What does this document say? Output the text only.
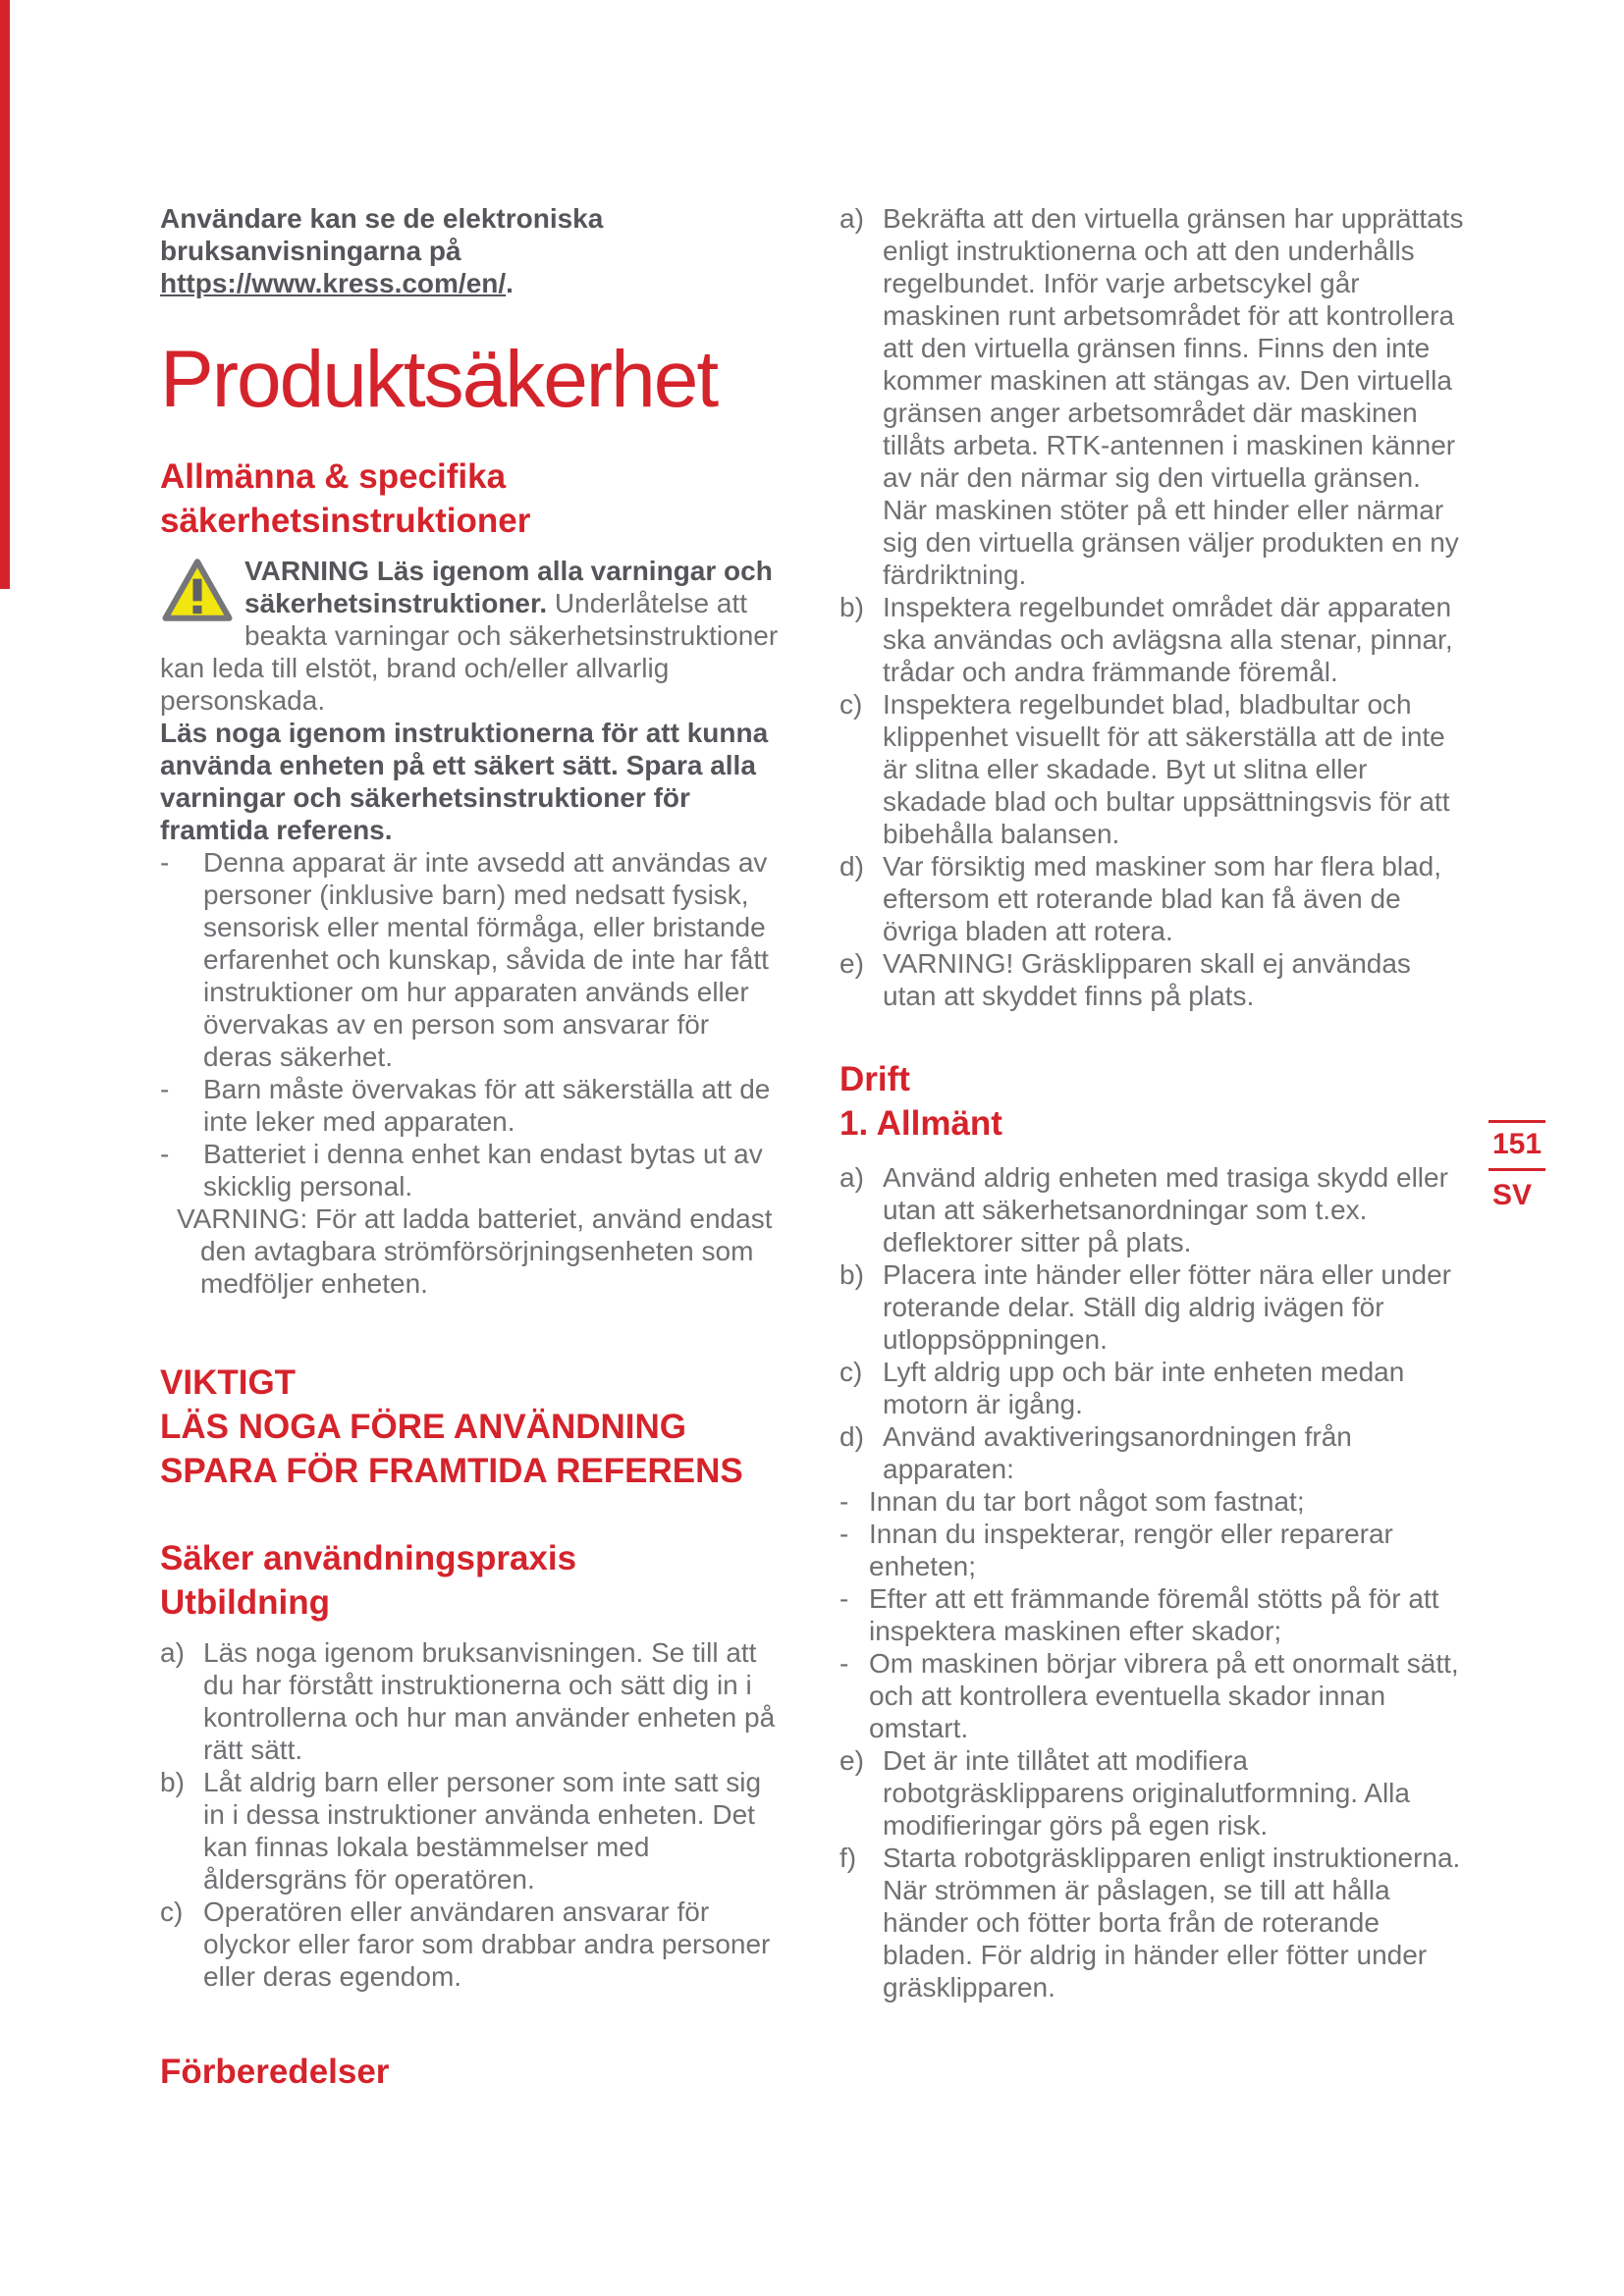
Användare kan se de elektroniska bruksanvisningarna på https://www.kress.com/en/.

Produktsäkerhet

Allmänna & specifika säkerhetsinstruktioner

VARNING Läs igenom alla varningar och säkerhetsinstruktioner. Underlåtelse att beakta varningar och säkerhetsinstruktioner kan leda till elstöt, brand och/eller allvarlig personskada.

Läs noga igenom instruktionerna för att kunna använda enheten på ett säkert sätt. Spara alla varningar och säkerhetsinstruktioner för framtida referens.

-	Denna apparat är inte avsedd att användas av personer (inklusive barn) med nedsatt fysisk, sensorisk eller mental förmåga, eller bristande erfarenhet och kunskap, såvida de inte har fått instruktioner om hur apparaten används eller övervakas av en person som ansvarar för deras säkerhet.
-	Barn måste övervakas för att säkerställa att de inte leker med apparaten.
-	Batteriet i denna enhet kan endast bytas ut av skicklig personal.

VARNING: För att ladda batteriet, använd endast den avtagbara strömförsörjningsenheten som medföljer enheten.

VIKTIGT

LÄS NOGA FÖRE ANVÄNDNING

SPARA FÖR FRAMTIDA REFERENS

Säker användningspraxis

Utbildning

a) Läs noga igenom bruksanvisningen. Se till att du har förstått instruktionerna och sätt dig in i kontrollerna och hur man använder enheten på rätt sätt.
b) Låt aldrig barn eller personer som inte satt sig in i dessa instruktioner använda enheten. Det kan finnas lokala bestämmelser med åldersgräns för operatören.
c) Operatören eller användaren ansvarar för olyckor eller faror som drabbar andra personer eller deras egendom.

Förberedelser

a) Bekräfta att den virtuella gränsen har upprättats enligt instruktionerna och att den underhålls regelbundet. Inför varje arbetscykel går maskinen runt arbetsområdet för att kontrollera att den virtuella gränsen finns. Finns den inte kommer maskinen att stängas av. Den virtuella gränsen anger arbetsområdet där maskinen tillåts arbeta. RTK-antennen i maskinen känner av när den närmar sig den virtuella gränsen. När maskinen stöter på ett hinder eller närmar sig den virtuella gränsen väljer produkten en ny färdriktning.
b) Inspektera regelbundet området där apparaten ska användas och avlägsna alla stenar, pinnar, trådar och andra främmande föremål.
c) Inspektera regelbundet blad, bladbultar och klippenhet visuellt för att säkerställa att de inte är slitna eller skadade. Byt ut slitna eller skadade blad och bultar uppsättningsvis för att bibehålla balansen.
d) Var försiktig med maskiner som har flera blad, eftersom ett roterande blad kan få även de övriga bladen att rotera.
e) VARNING! Gräsklipparen skall ej användas utan att skyddet finns på plats.

Drift

1. Allmänt

a) Använd aldrig enheten med trasiga skydd eller utan att säkerhetsanordningar som t.ex. deflektorer sitter på plats.
b) Placera inte händer eller fötter nära eller under roterande delar. Ställ dig aldrig ivägen för utloppsöppningen.
c) Lyft aldrig upp och bär inte enheten medan motorn är igång.
d) Använd avaktiveringsanordningen från apparaten:
- Innan du tar bort något som fastnat;
- Innan du inspekterar, rengör eller reparerar enheten;
- Efter att ett främmande föremål stötts på för att inspektera maskinen efter skador;
- Om maskinen börjar vibrera på ett onormalt sätt, och att kontrollera eventuella skador innan omstart.
e) Det är inte tillåtet att modifiera robotgräsklipparens originalutformning. Alla modifieringar görs på egen risk.
f) Starta robotgräsklipparen enligt instruktionerna. När strömmen är påslagen, se till att hålla händer och fötter borta från de roterande bladen. För aldrig in händer eller fötter under gräsklipparen.
151
SV
